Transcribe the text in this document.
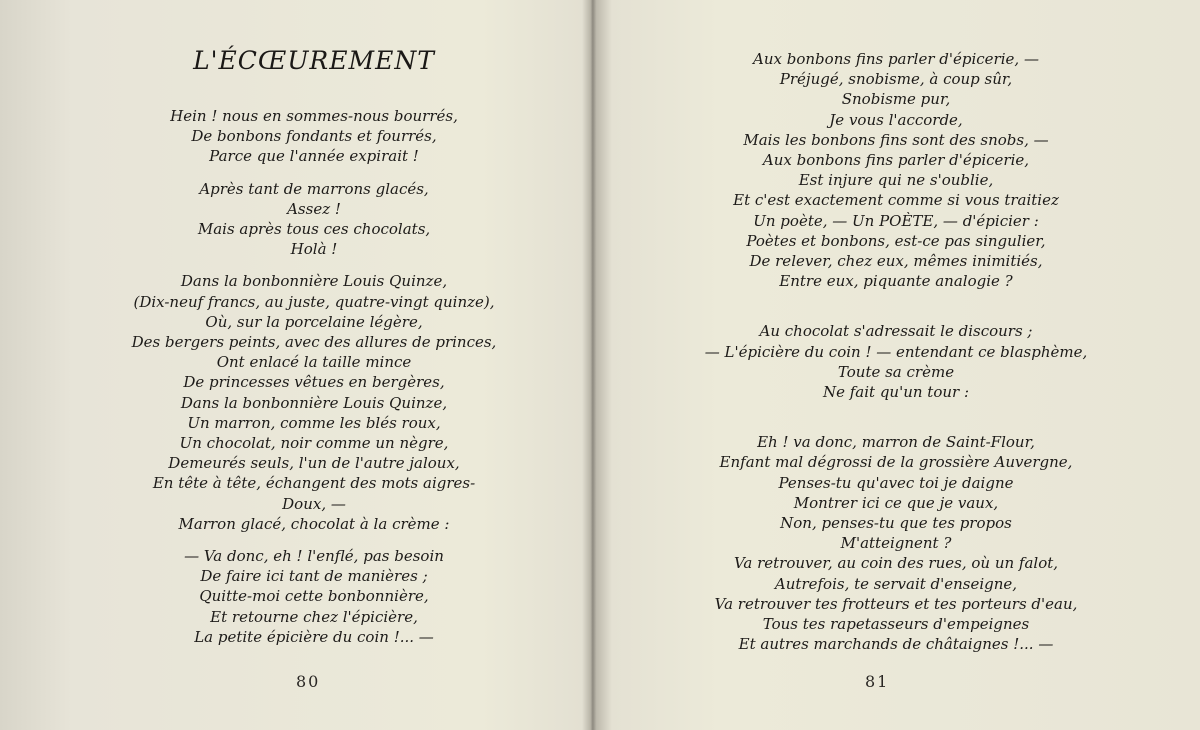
L'ÉCŒUREMENT
Hein ! nous en sommes-nous bourrés,
De bonbons fondants et fourrés,
Parce que l'année expirait !
Après tant de marrons glacés,
Assez !
Mais après tous ces chocolats,
Holà !
Dans la bonbonnière Louis Quinze,
(Dix-neuf francs, au juste, quatre-vingt quinze),
Où, sur la porcelaine légère,
Des bergers peints, avec des allures de princes,
Ont enlacé la taille mince
De princesses vêtues en bergères,
Dans la bonbonnière Louis Quinze,
Un marron, comme les blés roux,
Un chocolat, noir comme un nègre,
Demeurés seuls, l'un de l'autre jaloux,
En tête à tête, échangent des mots aigres-
Doux, —
Marron glacé, chocolat à la crème :
— Va donc, eh ! l'enflé, pas besoin
De faire ici tant de manières ;
Quitte-moi cette bonbonnière,
Et retourne chez l'épicière,
La petite épicière du coin !... —
80
Aux bonbons fins parler d'épicerie, —
Préjugé, snobisme, à coup sûr,
Snobisme pur,
Je vous l'accorde,
Mais les bonbons fins sont des snobs, —
Aux bonbons fins parler d'épicerie,
Est injure qui ne s'oublie,
Et c'est exactement comme si vous traitiez
Un poète, — Un POÈTE, — d'épicier :
Poètes et bonbons, est-ce pas singulier,
De relever, chez eux, mêmes inimitiés,
Entre eux, piquante analogie ?
Au chocolat s'adressait le discours ;
— L'épicière du coin ! — entendant ce blasphème,
Toute sa crème
Ne fait qu'un tour :
Eh ! va donc, marron de Saint-Flour,
Enfant mal dégrossi de la grossière Auvergne,
Penses-tu qu'avec toi je daigne
Montrer ici ce que je vaux,
Non, penses-tu que tes propos
M'atteignent ?
Va retrouver, au coin des rues, où un falot,
Autrefois, te servait d'enseigne,
Va retrouver tes frotteurs et tes porteurs d'eau,
Tous tes rapetasseurs d'empeignes
Et autres marchands de châtaignes !... —
81
